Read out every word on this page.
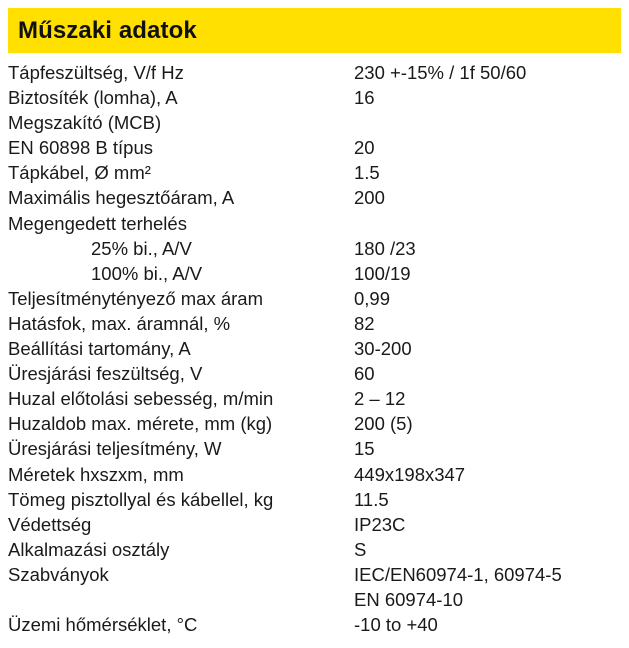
Műszaki adatok
Tápfeszültség, V/f Hz	230 +-15% / 1f 50/60
Biztosíték (lomha), A	16
Megszakító (MCB)
EN 60898 B típus	20
Tápkábel, Ø mm²	1.5
Maximális hegesztőáram, A	200
Megengedett terhelés
25% bi., A/V	180 /23
100% bi., A/V	100/19
Teljesítménytényező max áram	0,99
Hatásfok, max. áramnál, %	82
Beállítási tartomány, A	30-200
Üresjárási feszültség, V	60
Huzal előtolási sebesség, m/min	2 – 12
Huzaldob max. mérete, mm (kg)	200 (5)
Üresjárási teljesítmény, W	15
Méretek hxszxm, mm	449x198x347
Tömeg pisztollyal és kábellel, kg	11.5
Védettség	IP23C
Alkalmazási osztály	S
Szabványok	IEC/EN60974-1, 60974-5
EN 60974-10
Üzemi hőmérséklet, °C	-10 to +40
